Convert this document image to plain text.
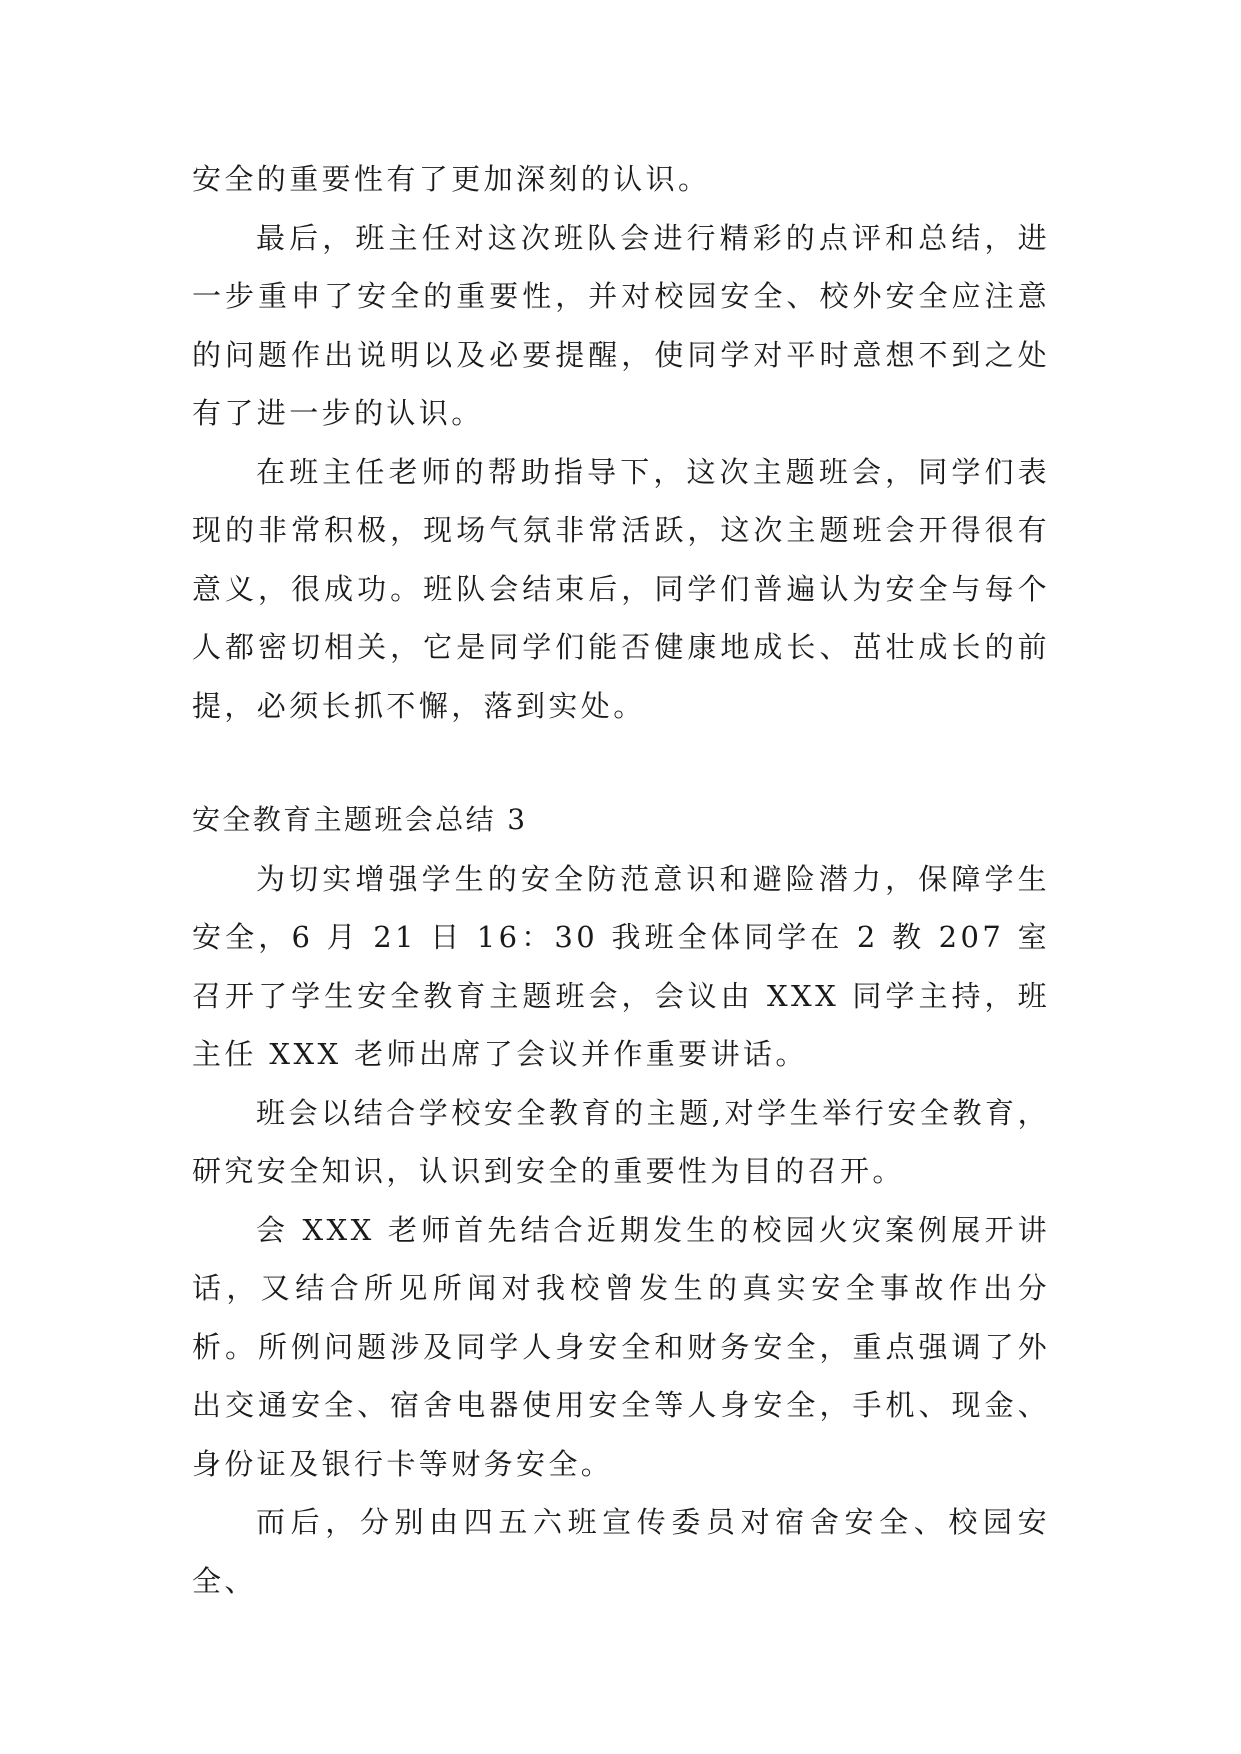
安全的重要性有了更加深刻的认识。

最后，班主任对这次班队会进行精彩的点评和总结，进一步重申了安全的重要性，并对校园安全、校外安全应注意的问题作出说明以及必要提醒，使同学对平时意想不到之处有了进一步的认识。

在班主任老师的帮助指导下，这次主题班会，同学们表现的非常积极，现场气氛非常活跃，这次主题班会开得很有意义，很成功。班队会结束后，同学们普遍认为安全与每个人都密切相关，它是同学们能否健康地成长、茁壮成长的前提，必须长抓不懈，落到实处。

安全教育主题班会总结 3

为切实增强学生的安全防范意识和避险潜力，保障学生安全，6 月 21 日 16：30 我班全体同学在 2 教 207 室召开了学生安全教育主题班会，会议由 XXX 同学主持，班主任 XXX 老师出席了会议并作重要讲话。

班会以结合学校安全教育的主题,对学生举行安全教育，研究安全知识，认识到安全的重要性为目的召开。

会 XXX 老师首先结合近期发生的校园火灾案例展开讲话，又结合所见所闻对我校曾发生的真实安全事故作出分析。所例问题涉及同学人身安全和财务安全，重点强调了外出交通安全、宿舍电器使用安全等人身安全，手机、现金、身份证及银行卡等财务安全。

而后，分别由四五六班宣传委员对宿舍安全、校园安全、
